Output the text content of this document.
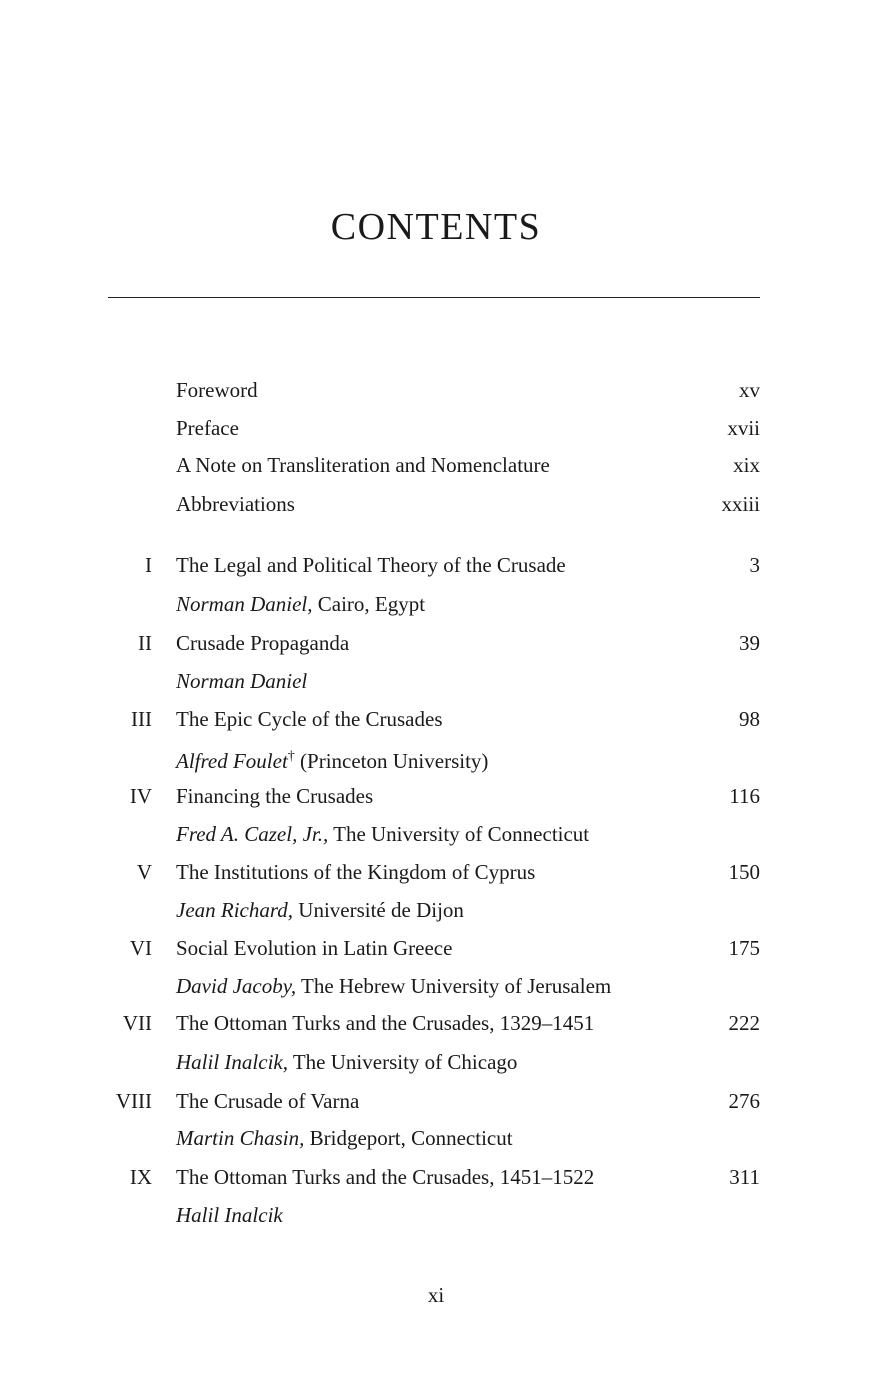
CONTENTS
Foreword	xv
Preface	xvii
A Note on Transliteration and Nomenclature	xix
Abbreviations	xxiii
I The Legal and Political Theory of the Crusade	3
Norman Daniel, Cairo, Egypt
II Crusade Propaganda	39
Norman Daniel
III The Epic Cycle of the Crusades	98
Alfred Foulet† (Princeton University)
IV Financing the Crusades	116
Fred A. Cazel, Jr., The University of Connecticut
V The Institutions of the Kingdom of Cyprus	150
Jean Richard, Université de Dijon
VI Social Evolution in Latin Greece	175
David Jacoby, The Hebrew University of Jerusalem
VII The Ottoman Turks and the Crusades, 1329–1451	222
Halil Inalcik, The University of Chicago
VIII The Crusade of Varna	276
Martin Chasin, Bridgeport, Connecticut
IX The Ottoman Turks and the Crusades, 1451–1522	311
Halil Inalcik
xi
